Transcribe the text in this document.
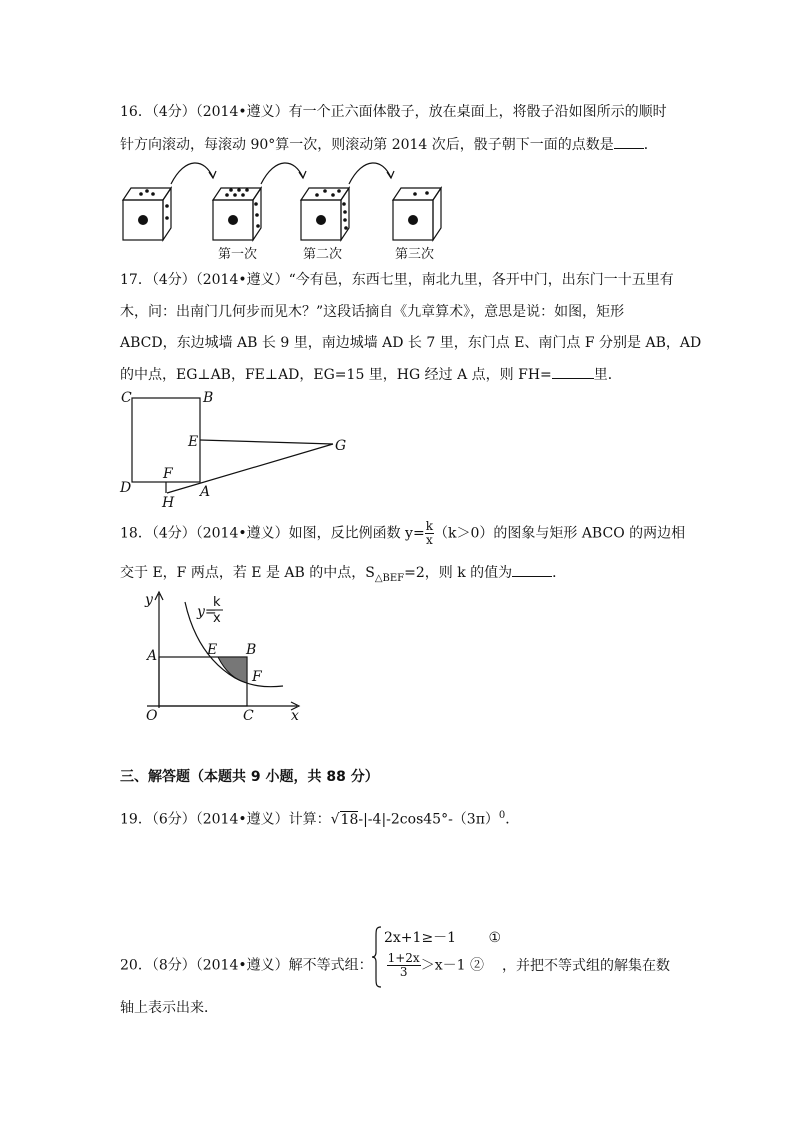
16．（4分）（2014•遵义）有一个正六面体骰子，放在桌面上，将骰子沿如图所示的顺时
针方向滚动，每滚动 90°算一次，则滚动第 2014 次后，骰子朝下一面的点数是 ．
第一次	第二次	第三次
17．（4分）（2014•遵义）“今有邑，东西七里，南北九里，各开中门，出东门一十五里有
木，问：出南门几何步而见木？”这段话摘自《九章算术》，意思是说：如图，矩形
ABCD，东边城墙 AB 长 9 里，南边城墙 AD 长 7 里，东门点 E、南门点 F 分别是 AB，AD
的中点，EG⊥AB，FE⊥AD，EG=15 里，HG 经过 A 点，则 FH=	里．
C	B
E	G
F
D
H
A
18．（4分）（2014•遵义）如图，反比例函数 $y= \frac{k}{x} (k>0)$的图象与矩形 ABCO 的两边相
交于 E，F 两点，若 E 是 AB 的中点，$S_{\triangle BEF}=2$，则 k 的值为	．
y
y=
k
x
A	E B
F
O	C	x
三、解答题（本题共 9 小题，共 88 分）
19．（6分）（2014•遵义）计算：$√18-|-4|-2\cos 45^\circ-(3\pi)^0$．
2x+1≥－1 ①
20．（8分）（2014•遵义）解不等式组： $\frac{1+2x}{3} >x-1$ ② ，并把不等式组的解集在数
轴上表示出来．
